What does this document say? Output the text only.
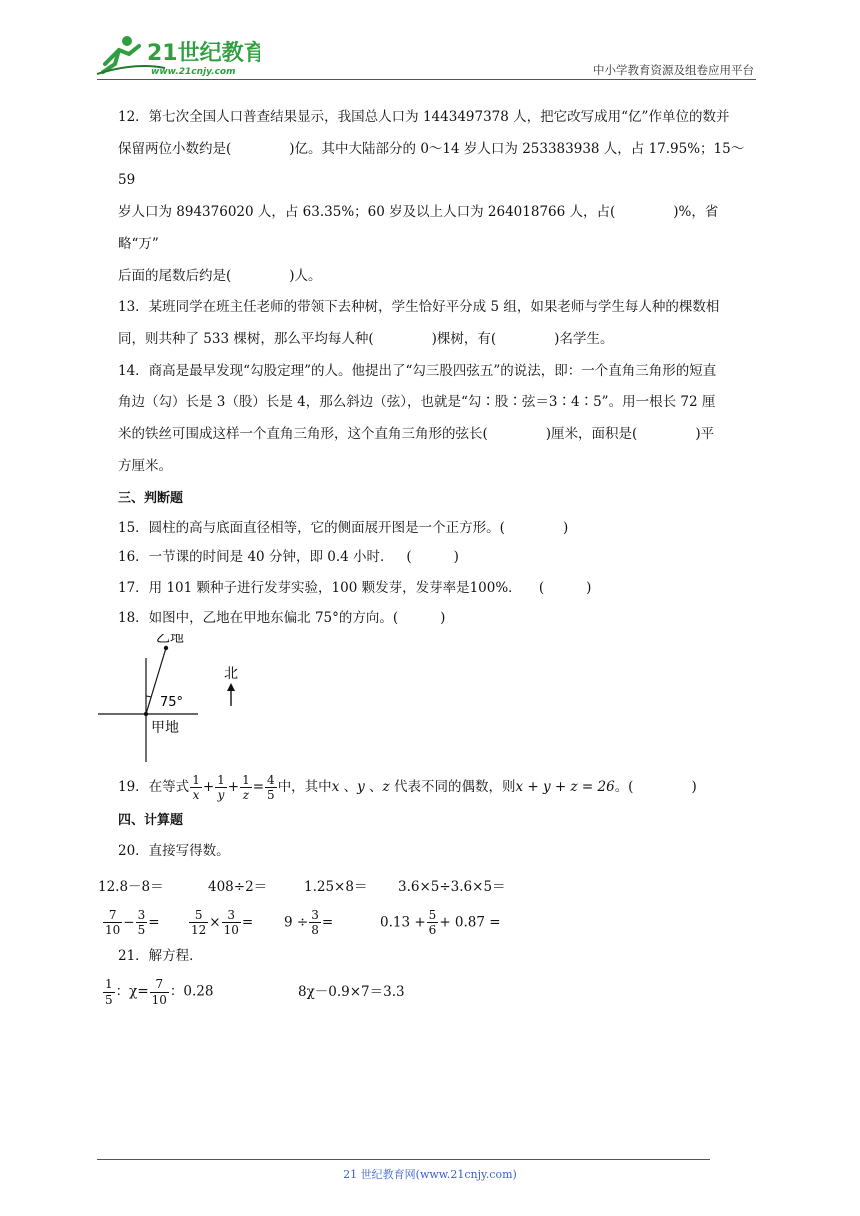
21世纪教育
www.21cnjy.com	中小学教育资源及组卷应用平台
12．第七次全国人口普查结果显示，我国总人口为 1443497378 人，把它改写成用“亿”作单位的数并
保留两位小数约是(	)亿。其中大陆部分的 0～14 岁人口为 253383938 人，占 17.95%；15～59
岁人口为 894376020 人，占 63.35%；60 岁及以上人口为 264018766 人，占(	)%，省略“万”
后面的尾数后约是(	)人。
13．某班同学在班主任老师的带领下去种树，学生恰好平分成 5 组，如果老师与学生每人种的棵数相
同，则共种了 533 棵树，那么平均每人种(	)棵树，有(	)名学生。
14．商高是最早发现“勾股定理”的人。他提出了“勾三股四弦五”的说法，即：一个直角三角形的短直
角边（勾）长是 3（股）长是 4，那么斜边（弦），也就是“勾∶股∶弦＝3∶4∶5”。用一根长 72 厘
米的铁丝可围成这样一个直角三角形，这个直角三角形的弦长(	)厘米，面积是(	)平
方厘米。
三、判断题
15．圆柱的高与底面直径相等，它的侧面展开图是一个正方形。(	)
16．一节课的时间是 40 分钟，即 0.4 小时． (	)
17．用 101 颗种子进行发芽实验，100 颗发芽，发芽率是100%． (	)
18．如图中，乙地在甲地东偏北 75°的方向。(	)
乙地
75°
甲地
北
19．在等式 $\frac{1}{x} + \frac{1}{y} + \frac{1}{z} = \frac{4}{5}$ 中，其中x 、y 、z 代表不同的偶数，则x + y + z = 26。(	)
四、计算题
20．直接写得数。
12.8－8＝	408÷2＝	1.25×8＝	3.6×5÷3.6×5＝
$\frac{7}{10} - \frac{3}{5}$ =	$\frac{5}{12} \times \frac{3}{10}$ =	$9 \div \frac{3}{8}$ =	$0.13 + \frac{5}{6} + 0.87$ =
21．解方程．
$\frac{1}{5}$ ：$\chi= \frac{7}{10}$ ：0.28	8χ－0.9×7＝3.3
21 世纪教育网(www.21cnjy.com)
